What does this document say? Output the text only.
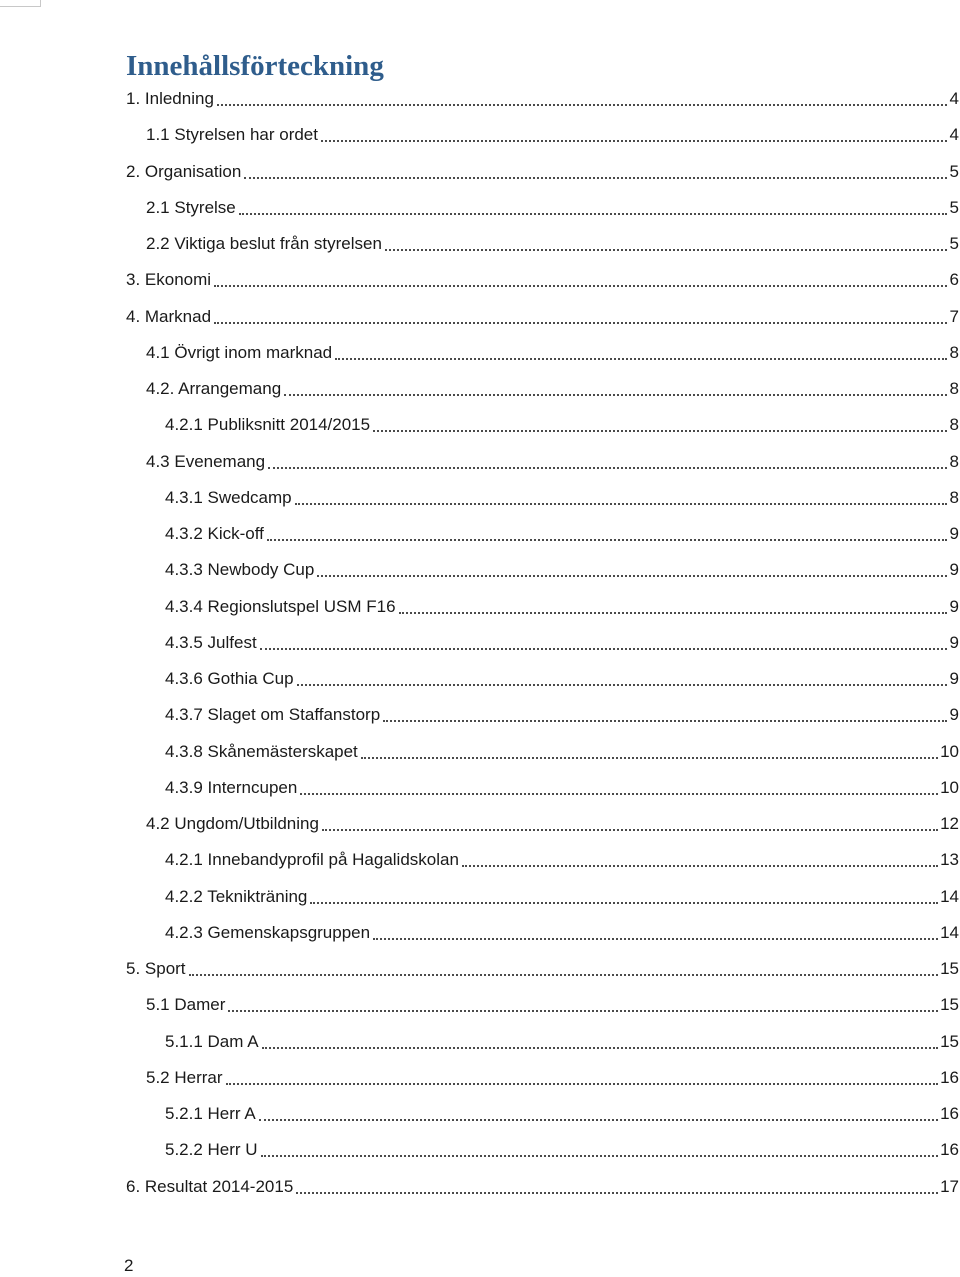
Innehållsförteckning
1. Inledning	4
1.1 Styrelsen har ordet	4
2. Organisation	5
2.1 Styrelse	5
2.2 Viktiga beslut från styrelsen	5
3. Ekonomi	6
4. Marknad	7
4.1 Övrigt inom marknad	8
4.2. Arrangemang	8
4.2.1 Publiksnitt 2014/2015	8
4.3 Evenemang	8
4.3.1 Swedcamp	8
4.3.2 Kick-off	9
4.3.3 Newbody Cup	9
4.3.4 Regionslutspel USM F16	9
4.3.5 Julfest	9
4.3.6 Gothia Cup	9
4.3.7 Slaget om Staffanstorp	9
4.3.8 Skånemästerskapet	10
4.3.9 Interncupen	10
4.2 Ungdom/Utbildning	12
4.2.1 Innebandyprofil på Hagalidskolan	13
4.2.2 Teknikträning	14
4.2.3 Gemenskapsgruppen	14
5. Sport	15
5.1 Damer	15
5.1.1 Dam A	15
5.2 Herrar	16
5.2.1 Herr A	16
5.2.2 Herr U	16
6. Resultat 2014-2015	17
2
